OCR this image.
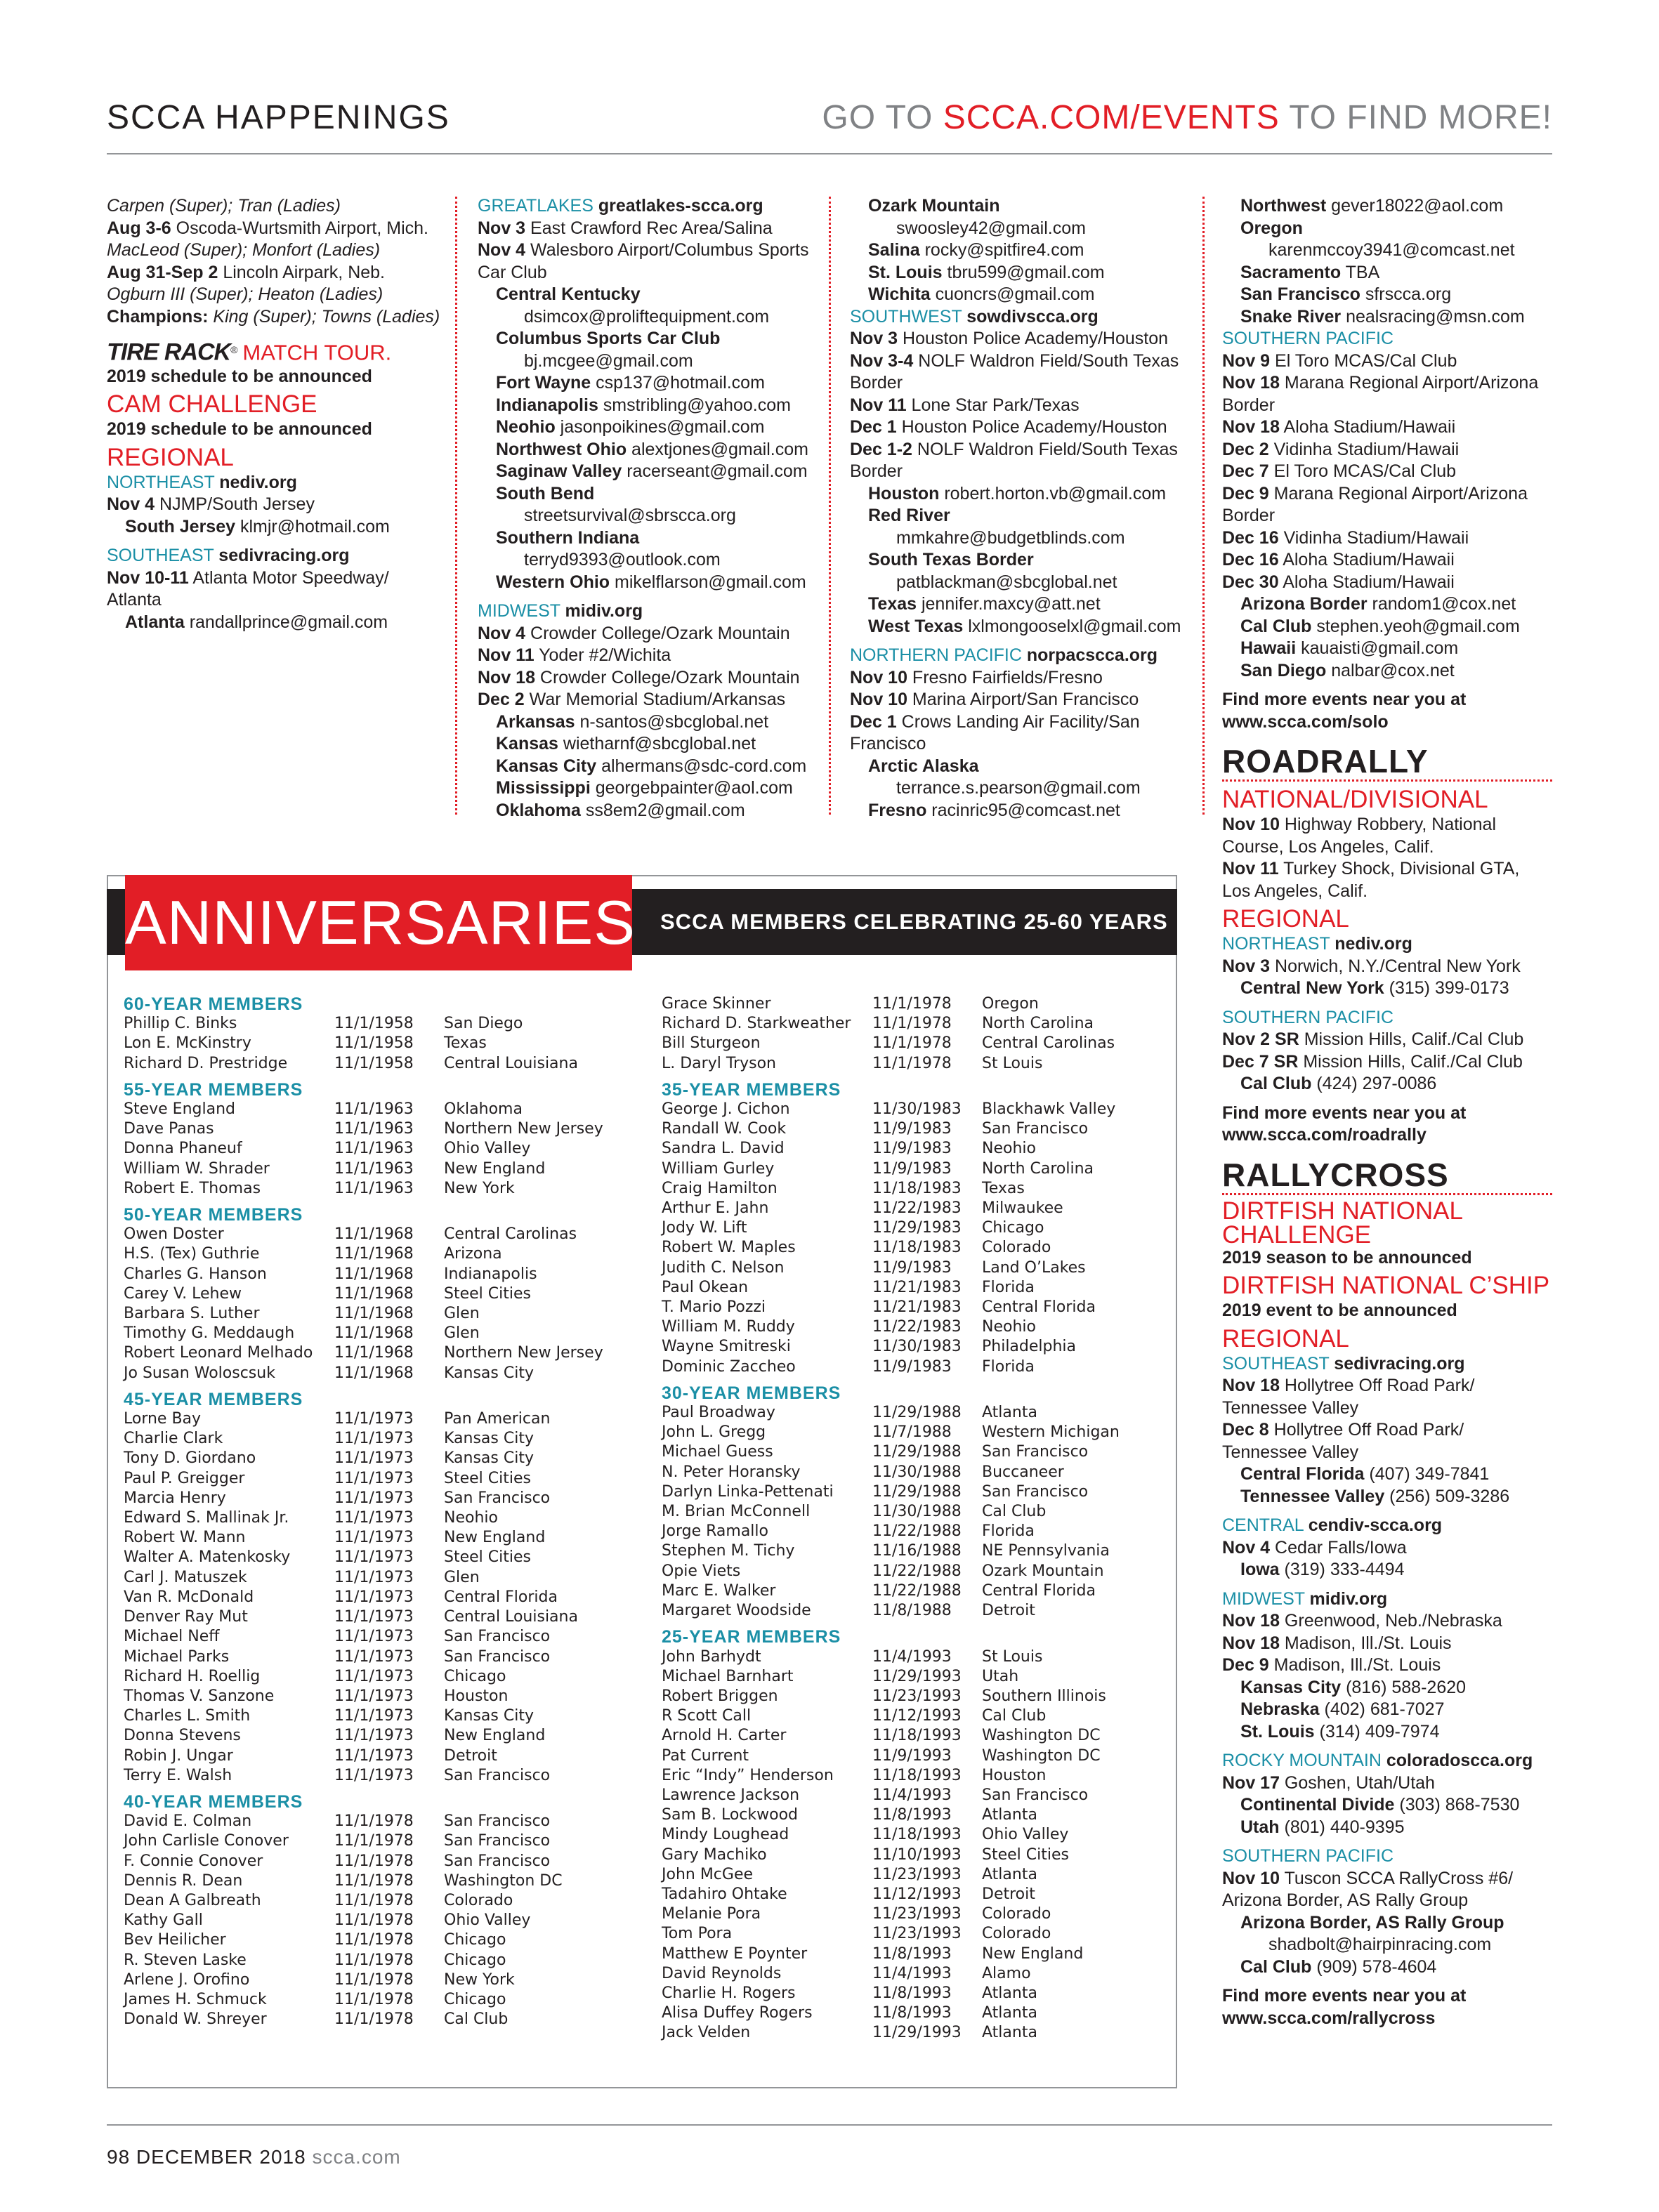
SCCA HAPPENINGS	GO TO SCCA.COM/EVENTS TO FIND MORE!
Carpen (Super); Tran (Ladies)
Aug 3-6 Oscoda-Wurtsmith Airport, Mich.
MacLeod (Super); Monfort (Ladies)
Aug 31-Sep 2 Lincoln Airpark, Neb.
Ogburn III (Super); Heaton (Ladies)
Champions: King (Super); Towns (Ladies)
TIRE RACK® MATCH TOUR.
2019 schedule to be announced
CAM CHALLENGE
2019 schedule to be announced
REGIONAL
NORTHEAST nediv.org
Nov 4 NJMP/South Jersey
South Jersey klmjr@hotmail.com
SOUTHEAST sedivracing.org
Nov 10-11 Atlanta Motor Speedway/ Atlanta
Atlanta randallprince@gmail.com
GREATLAKES greatlakes-scca.org
Nov 3 East Crawford Rec Area/Salina
Nov 4 Walesboro Airport/Columbus Sports Car Club
Central Kentucky
dsimcox@proliftequipment.com
Columbus Sports Car Club
bj.mcgee@gmail.com
Fort Wayne csp137@hotmail.com
Indianapolis smstribling@yahoo.com
Neohio jasonpoikines@gmail.com
Northwest Ohio alextjones@gmail.com
Saginaw Valley racerseant@gmail.com
South Bend
streetsurvival@sbrscca.org
Southern Indiana
terryd9393@outlook.com
Western Ohio mikelflarson@gmail.com
MIDWEST midiv.org
Nov 4 Crowder College/Ozark Mountain
Nov 11 Yoder #2/Wichita
Nov 18 Crowder College/Ozark Mountain
Dec 2 War Memorial Stadium/Arkansas
Arkansas n-santos@sbcglobal.net
Kansas wietharnf@sbcglobal.net
Kansas City alhermans@sdc-cord.com
Mississippi georgebpainter@aol.com
Oklahoma ss8em2@gmail.com
Ozark Mountain
swoosley42@gmail.com
Salina rocky@spitfire4.com
St. Louis tbru599@gmail.com
Wichita cuoncrs@gmail.com
SOUTHWEST sowdivscca.org
Nov 3 Houston Police Academy/Houston
Nov 3-4 NOLF Waldron Field/South Texas Border
Nov 11 Lone Star Park/Texas
Dec 1 Houston Police Academy/Houston
Dec 1-2 NOLF Waldron Field/South Texas Border
Houston robert.horton.vb@gmail.com
Red River
mmkahre@budgetblinds.com
South Texas Border
patblackman@sbcglobal.net
Texas jennifer.maxcy@att.net
West Texas lxlmongooselxl@gmail.com
NORTHERN PACIFIC norpacscca.org
Nov 10 Fresno Fairfields/Fresno
Nov 10 Marina Airport/San Francisco
Dec 1 Crows Landing Air Facility/San Francisco
Arctic Alaska
terrance.s.pearson@gmail.com
Fresno racinric95@comcast.net
Northwest gever18022@aol.com
Oregon
karenmccoy3941@comcast.net
Sacramento TBA
San Francisco sfrscca.org
Snake River nealsracing@msn.com
SOUTHERN PACIFIC
Nov 9 El Toro MCAS/Cal Club
Nov 18 Marana Regional Airport/Arizona Border
Nov 18 Aloha Stadium/Hawaii
Dec 2 Vidinha Stadium/Hawaii
Dec 7 El Toro MCAS/Cal Club
Dec 9 Marana Regional Airport/Arizona Border
Dec 16 Vidinha Stadium/Hawaii
Dec 16 Aloha Stadium/Hawaii
Dec 30 Aloha Stadium/Hawaii
Arizona Border random1@cox.net
Cal Club stephen.yeoh@gmail.com
Hawaii kauaisti@gmail.com
San Diego nalbar@cox.net
Find more events near you at
www.scca.com/solo
ROADRALLY
NATIONAL/DIVISIONAL
Nov 10 Highway Robbery, National Course, Los Angeles, Calif.
Nov 11 Turkey Shock, Divisional GTA, Los Angeles, Calif.
REGIONAL
NORTHEAST nediv.org
Nov 3 Norwich, N.Y./Central New York
Central New York (315) 399-0173
SOUTHERN PACIFIC
Nov 2 SR Mission Hills, Calif./Cal Club
Dec 7 SR Mission Hills, Calif./Cal Club
Cal Club (424) 297-0086
Find more events near you at
www.scca.com/roadrally
RALLYCROSS
DIRTFISH NATIONAL CHALLENGE
2019 season to be announced
DIRTFISH NATIONAL C’SHIP
2019 event to be announced
REGIONAL
SOUTHEAST sedivracing.org
Nov 18 Hollytree Off Road Park/ Tennessee Valley
Dec 8 Hollytree Off Road Park/ Tennessee Valley
Central Florida (407) 349-7841
Tennessee Valley (256) 509-3286
CENTRAL cendiv-scca.org
Nov 4 Cedar Falls/Iowa
Iowa (319) 333-4494
MIDWEST midiv.org
Nov 18 Greenwood, Neb./Nebraska
Nov 18 Madison, Ill./St. Louis
Dec 9 Madison, Ill./St. Louis
Kansas City (816) 588-2620
Nebraska (402) 681-7027
St. Louis (314) 409-7974
ROCKY MOUNTAIN coloradoscca.org
Nov 17 Goshen, Utah/Utah
Continental Divide (303) 868-7530
Utah (801) 440-9395
SOUTHERN PACIFIC
Nov 10 Tuscon SCCA RallyCross #6/ Arizona Border, AS Rally Group
Arizona Border, AS Rally Group
shadbolt@hairpinracing.com
Cal Club (909) 578-4604
Find more events near you at
www.scca.com/rallycross
ANNIVERSARIES SCCA MEMBERS CELEBRATING 25-60 YEARS
60-YEAR MEMBERS
Phillip C. Binks	11/1/1958	San Diego
Lon E. McKinstry	11/1/1958	Texas
Richard D. Prestridge	11/1/1958	Central Louisiana
55-YEAR MEMBERS
Steve England	11/1/1963	Oklahoma
Dave Panas	11/1/1963	Northern New Jersey
Donna Phaneuf	11/1/1963	Ohio Valley
William W. Shrader	11/1/1963	New England
Robert E. Thomas	11/1/1963	New York
50-YEAR MEMBERS
Owen Doster	11/1/1968	Central Carolinas
H.S. (Tex) Guthrie	11/1/1968	Arizona
Charles G. Hanson	11/1/1968	Indianapolis
Carey V. Lehew	11/1/1968	Steel Cities
Barbara S. Luther	11/1/1968	Glen
Timothy G. Meddaugh	11/1/1968	Glen
Robert Leonard Melhado	11/1/1968	Northern New Jersey
Jo Susan Woloscsuk	11/1/1968	Kansas City
45-YEAR MEMBERS
Lorne Bay	11/1/1973	Pan American
Charlie Clark	11/1/1973	Kansas City
Tony D. Giordano	11/1/1973	Kansas City
Paul P. Greigger	11/1/1973	Steel Cities
Marcia Henry	11/1/1973	San Francisco
Edward S. Mallinak Jr.	11/1/1973	Neohio
Robert W. Mann	11/1/1973	New England
Walter A. Matenkosky	11/1/1973	Steel Cities
Carl J. Matuszek	11/1/1973	Glen
Van R. McDonald	11/1/1973	Central Florida
Denver Ray Mut	11/1/1973	Central Louisiana
Michael Neff	11/1/1973	San Francisco
Michael Parks	11/1/1973	San Francisco
Richard H. Roellig	11/1/1973	Chicago
Thomas V. Sanzone	11/1/1973	Houston
Charles L. Smith	11/1/1973	Kansas City
Donna Stevens	11/1/1973	New England
Robin J. Ungar	11/1/1973	Detroit
Terry E. Walsh	11/1/1973	San Francisco
40-YEAR MEMBERS
David E. Colman	11/1/1978	San Francisco
John Carlisle Conover	11/1/1978	San Francisco
F. Connie Conover	11/1/1978	San Francisco
Dennis R. Dean	11/1/1978	Washington DC
Dean A Galbreath	11/1/1978	Colorado
Kathy Gall	11/1/1978	Ohio Valley
Bev Heilicher	11/1/1978	Chicago
R. Steven Laske	11/1/1978	Chicago
Arlene J. Orofino	11/1/1978	New York
James H. Schmuck	11/1/1978	Chicago
Donald W. Shreyer	11/1/1978	Cal Club
Grace Skinner	11/1/1978	Oregon
Richard D. Starkweather	11/1/1978	North Carolina
Bill Sturgeon	11/1/1978	Central Carolinas
L. Daryl Tryson	11/1/1978	St Louis
35-YEAR MEMBERS
George J. Cichon	11/30/1983	Blackhawk Valley
Randall W. Cook	11/9/1983	San Francisco
Sandra L. David	11/9/1983	Neohio
William Gurley	11/9/1983	North Carolina
Craig Hamilton	11/18/1983	Texas
Arthur E. Jahn	11/22/1983	Milwaukee
Jody W. Lift	11/29/1983	Chicago
Robert W. Maples	11/18/1983	Colorado
Judith C. Nelson	11/9/1983	Land O’Lakes
Paul Okean	11/21/1983	Florida
T. Mario Pozzi	11/21/1983	Central Florida
William M. Ruddy	11/22/1983	Neohio
Wayne Smitreski	11/30/1983	Philadelphia
Dominic Zaccheo	11/9/1983	Florida
30-YEAR MEMBERS
Paul Broadway	11/29/1988	Atlanta
John L. Gregg	11/7/1988	Western Michigan
Michael Guess	11/29/1988	San Francisco
N. Peter Horansky	11/30/1988	Buccaneer
Darlyn Linka-Pettenati	11/29/1988	San Francisco
M. Brian McConnell	11/30/1988	Cal Club
Jorge Ramallo	11/22/1988	Florida
Stephen M. Tichy	11/16/1988	NE Pennsylvania
Opie Viets	11/22/1988	Ozark Mountain
Marc E. Walker	11/22/1988	Central Florida
Margaret Woodside	11/8/1988	Detroit
25-YEAR MEMBERS
John Barhydt	11/4/1993	St Louis
Michael Barnhart	11/29/1993	Utah
Robert Briggen	11/23/1993	Southern Illinois
R Scott Call	11/12/1993	Cal Club
Arnold H. Carter	11/18/1993	Washington DC
Pat Current	11/9/1993	Washington DC
Eric “Indy” Henderson	11/18/1993	Houston
Lawrence Jackson	11/4/1993	San Francisco
Sam B. Lockwood	11/8/1993	Atlanta
Mindy Loughead	11/18/1993	Ohio Valley
Gary Machiko	11/10/1993	Steel Cities
John McGee	11/23/1993	Atlanta
Tadahiro Ohtake	11/12/1993	Detroit
Melanie Pora	11/23/1993	Colorado
Tom Pora	11/23/1993	Colorado
Matthew E Poynter	11/8/1993	New England
David Reynolds	11/4/1993	Alamo
Charlie H. Rogers	11/8/1993	Atlanta
Alisa Duffey Rogers	11/8/1993	Atlanta
Jack Velden	11/29/1993	Atlanta
98 DECEMBER 2018 scca.com
